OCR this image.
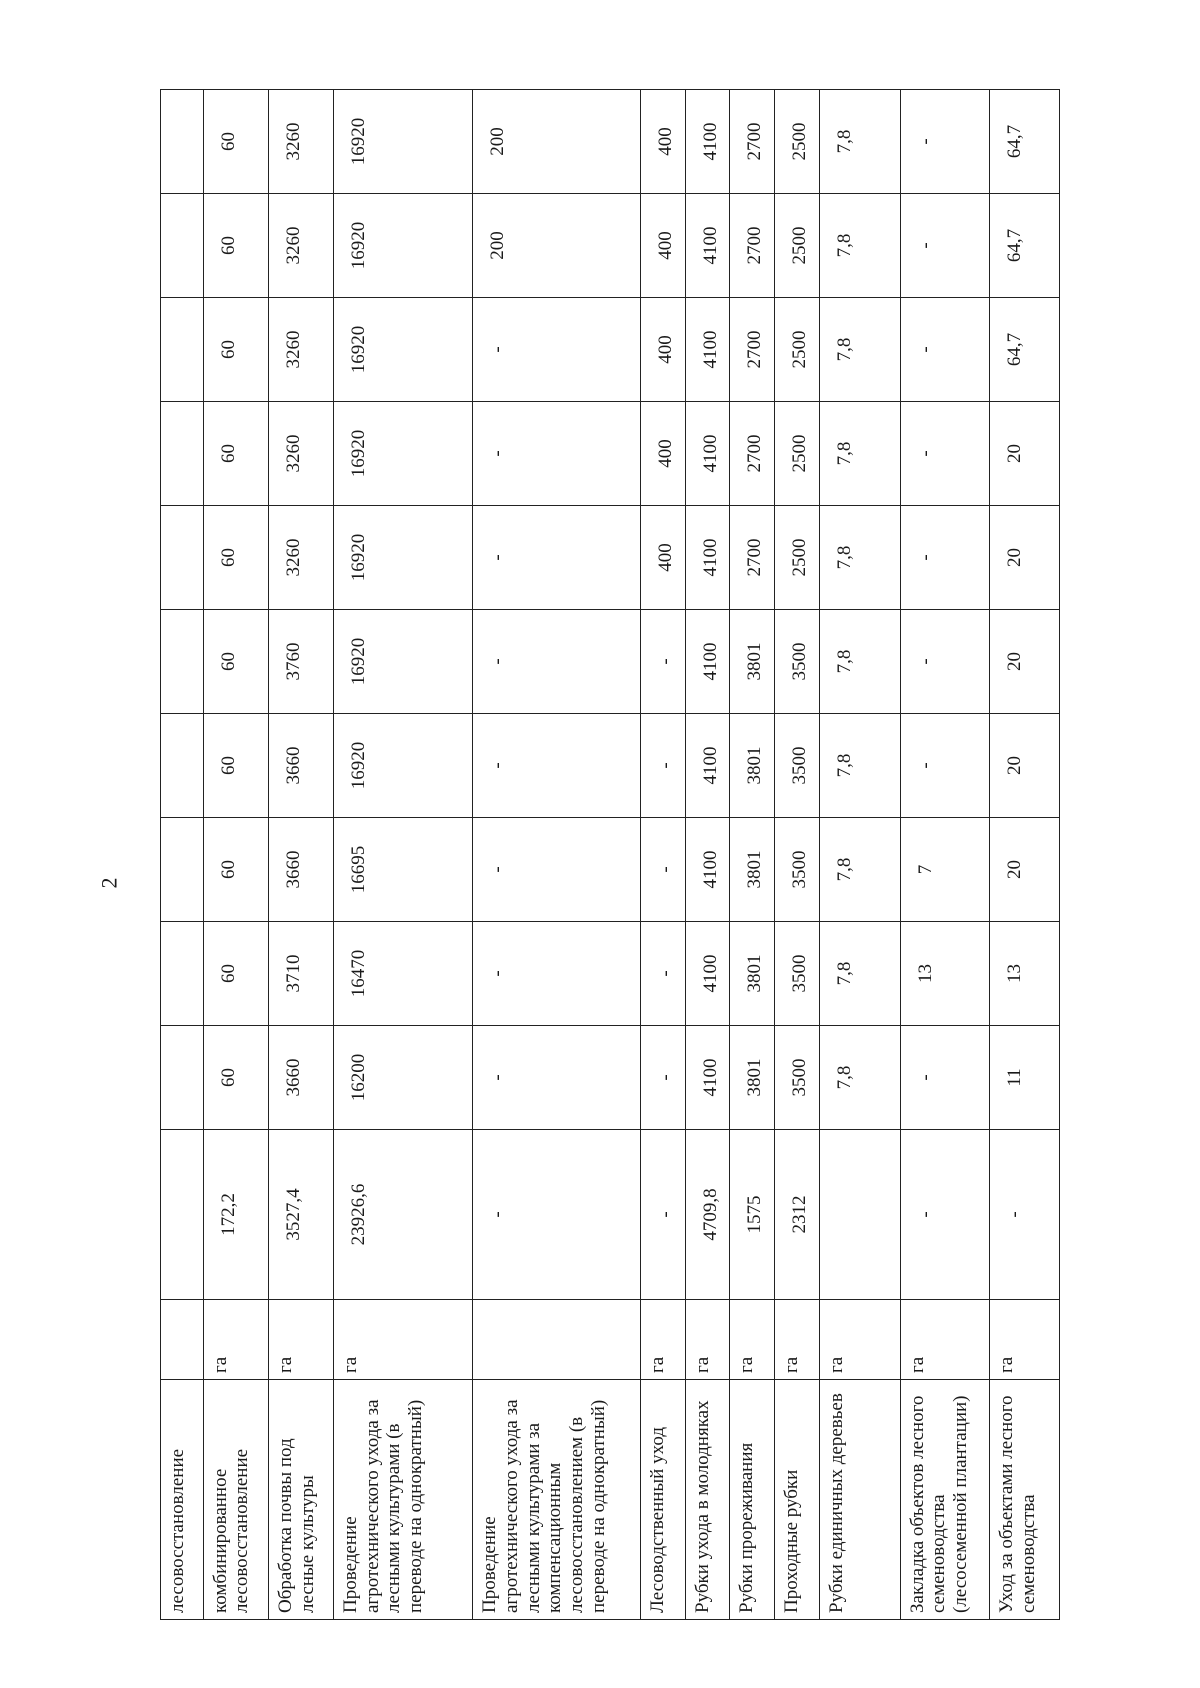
2
лесовосстановление												
комбинированное лесовосстановление	га	172,2	60	60	60	60	60	60	60	60	60	60
Обработка почвы под лесные культуры	га	3527,4	3660	3710	3660	3660	3760	3260	3260	3260	3260	3260
Проведение агротехнического ухода за лесными культурами (в переводе на однократный)	га	23926,6	16200	16470	16695	16920	16920	16920	16920	16920	16920	16920
Проведение агротехнического ухода за лесными культурами за компенсационным лесовосстановлением (в переводе на однократный)		-	-	-	-	-	-	-	-	-	200	200
Лесоводственный уход	га	-	-	-	-	-	-	400	400	400	400	400
Рубки ухода в молодняках	га	4709,8	4100	4100	4100	4100	4100	4100	4100	4100	4100	4100
Рубки прореживания	га	1575	3801	3801	3801	3801	3801	2700	2700	2700	2700	2700
Проходные рубки	га	2312	3500	3500	3500	3500	3500	2500	2500	2500	2500	2500
Рубки единичных деревьев	га		7,8	7,8	7,8	7,8	7,8	7,8	7,8	7,8	7,8	7,8
Закладка объектов лесного семеноводства (лесосеменной плантации)	га	-	-	13	7	-	-	-	-	-	-	-
Уход за объектами лесного семеноводства	га	-	11	13	20	20	20	20	20	64,7	64,7	64,7
